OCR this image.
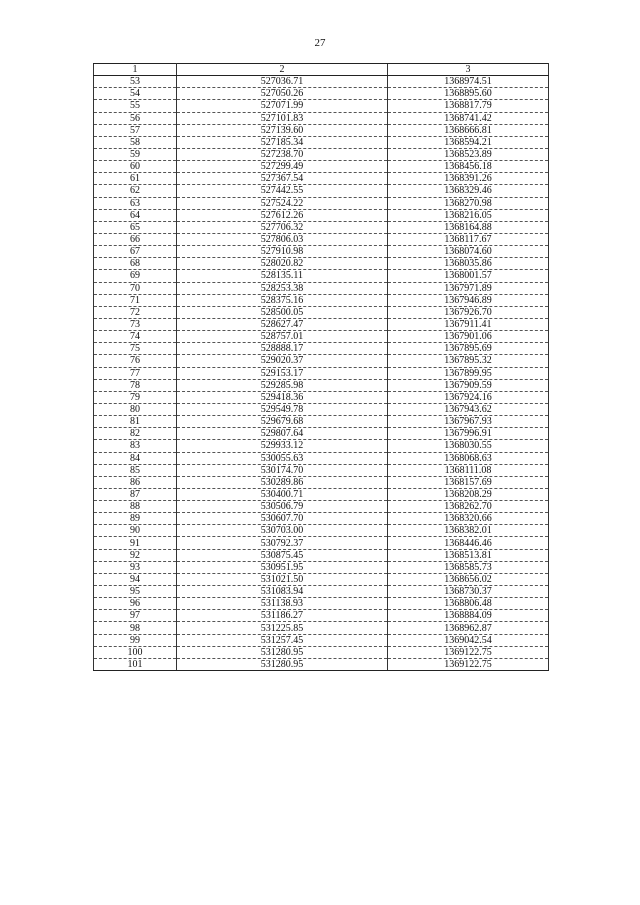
27
1	2	3
53	527036.71	1368974.51
54	527050.26	1368895.60
55	527071.99	1368817.79
56	527101.83	1368741.42
57	527139.60	1368666.81
58	527185.34	1368594.21
59	527238.70	1368523.89
60	527299.49	1368456.18
61	527367.54	1368391.26
62	527442.55	1368329.46
63	527524.22	1368270.98
64	527612.26	1368216.05
65	527706.32	1368164.88
66	527806.03	1368117.67
67	527910.98	1368074.60
68	528020.82	1368035.86
69	528135.11	1368001.57
70	528253.38	1367971.89
71	528375.16	1367946.89
72	528500.05	1367926.70
73	528627.47	1367911.41
74	528757.01	1367901.06
75	528888.17	1367895.69
76	529020.37	1367895.32
77	529153.17	1367899.95
78	529285.98	1367909.59
79	529418.36	1367924.16
80	529549.78	1367943.62
81	529679.68	1367967.93
82	529807.64	1367996.91
83	529933.12	1368030.55
84	530055.63	1368068.63
85	530174.70	1368111.08
86	530289.86	1368157.69
87	530400.71	1368208.29
88	530506.79	1368262.70
89	530607.70	1368320.66
90	530703.00	1368382.01
91	530792.37	1368446.46
92	530875.45	1368513.81
93	530951.95	1368585.73
94	531021.50	1368656.02
95	531083.94	1368730.37
96	531138.93	1368806.48
97	531186.27	1368884.09
98	531225.85	1368962.87
99	531257.45	1369042.54
100	531280.95	1369122.75
101	531280.95	1369122.75
